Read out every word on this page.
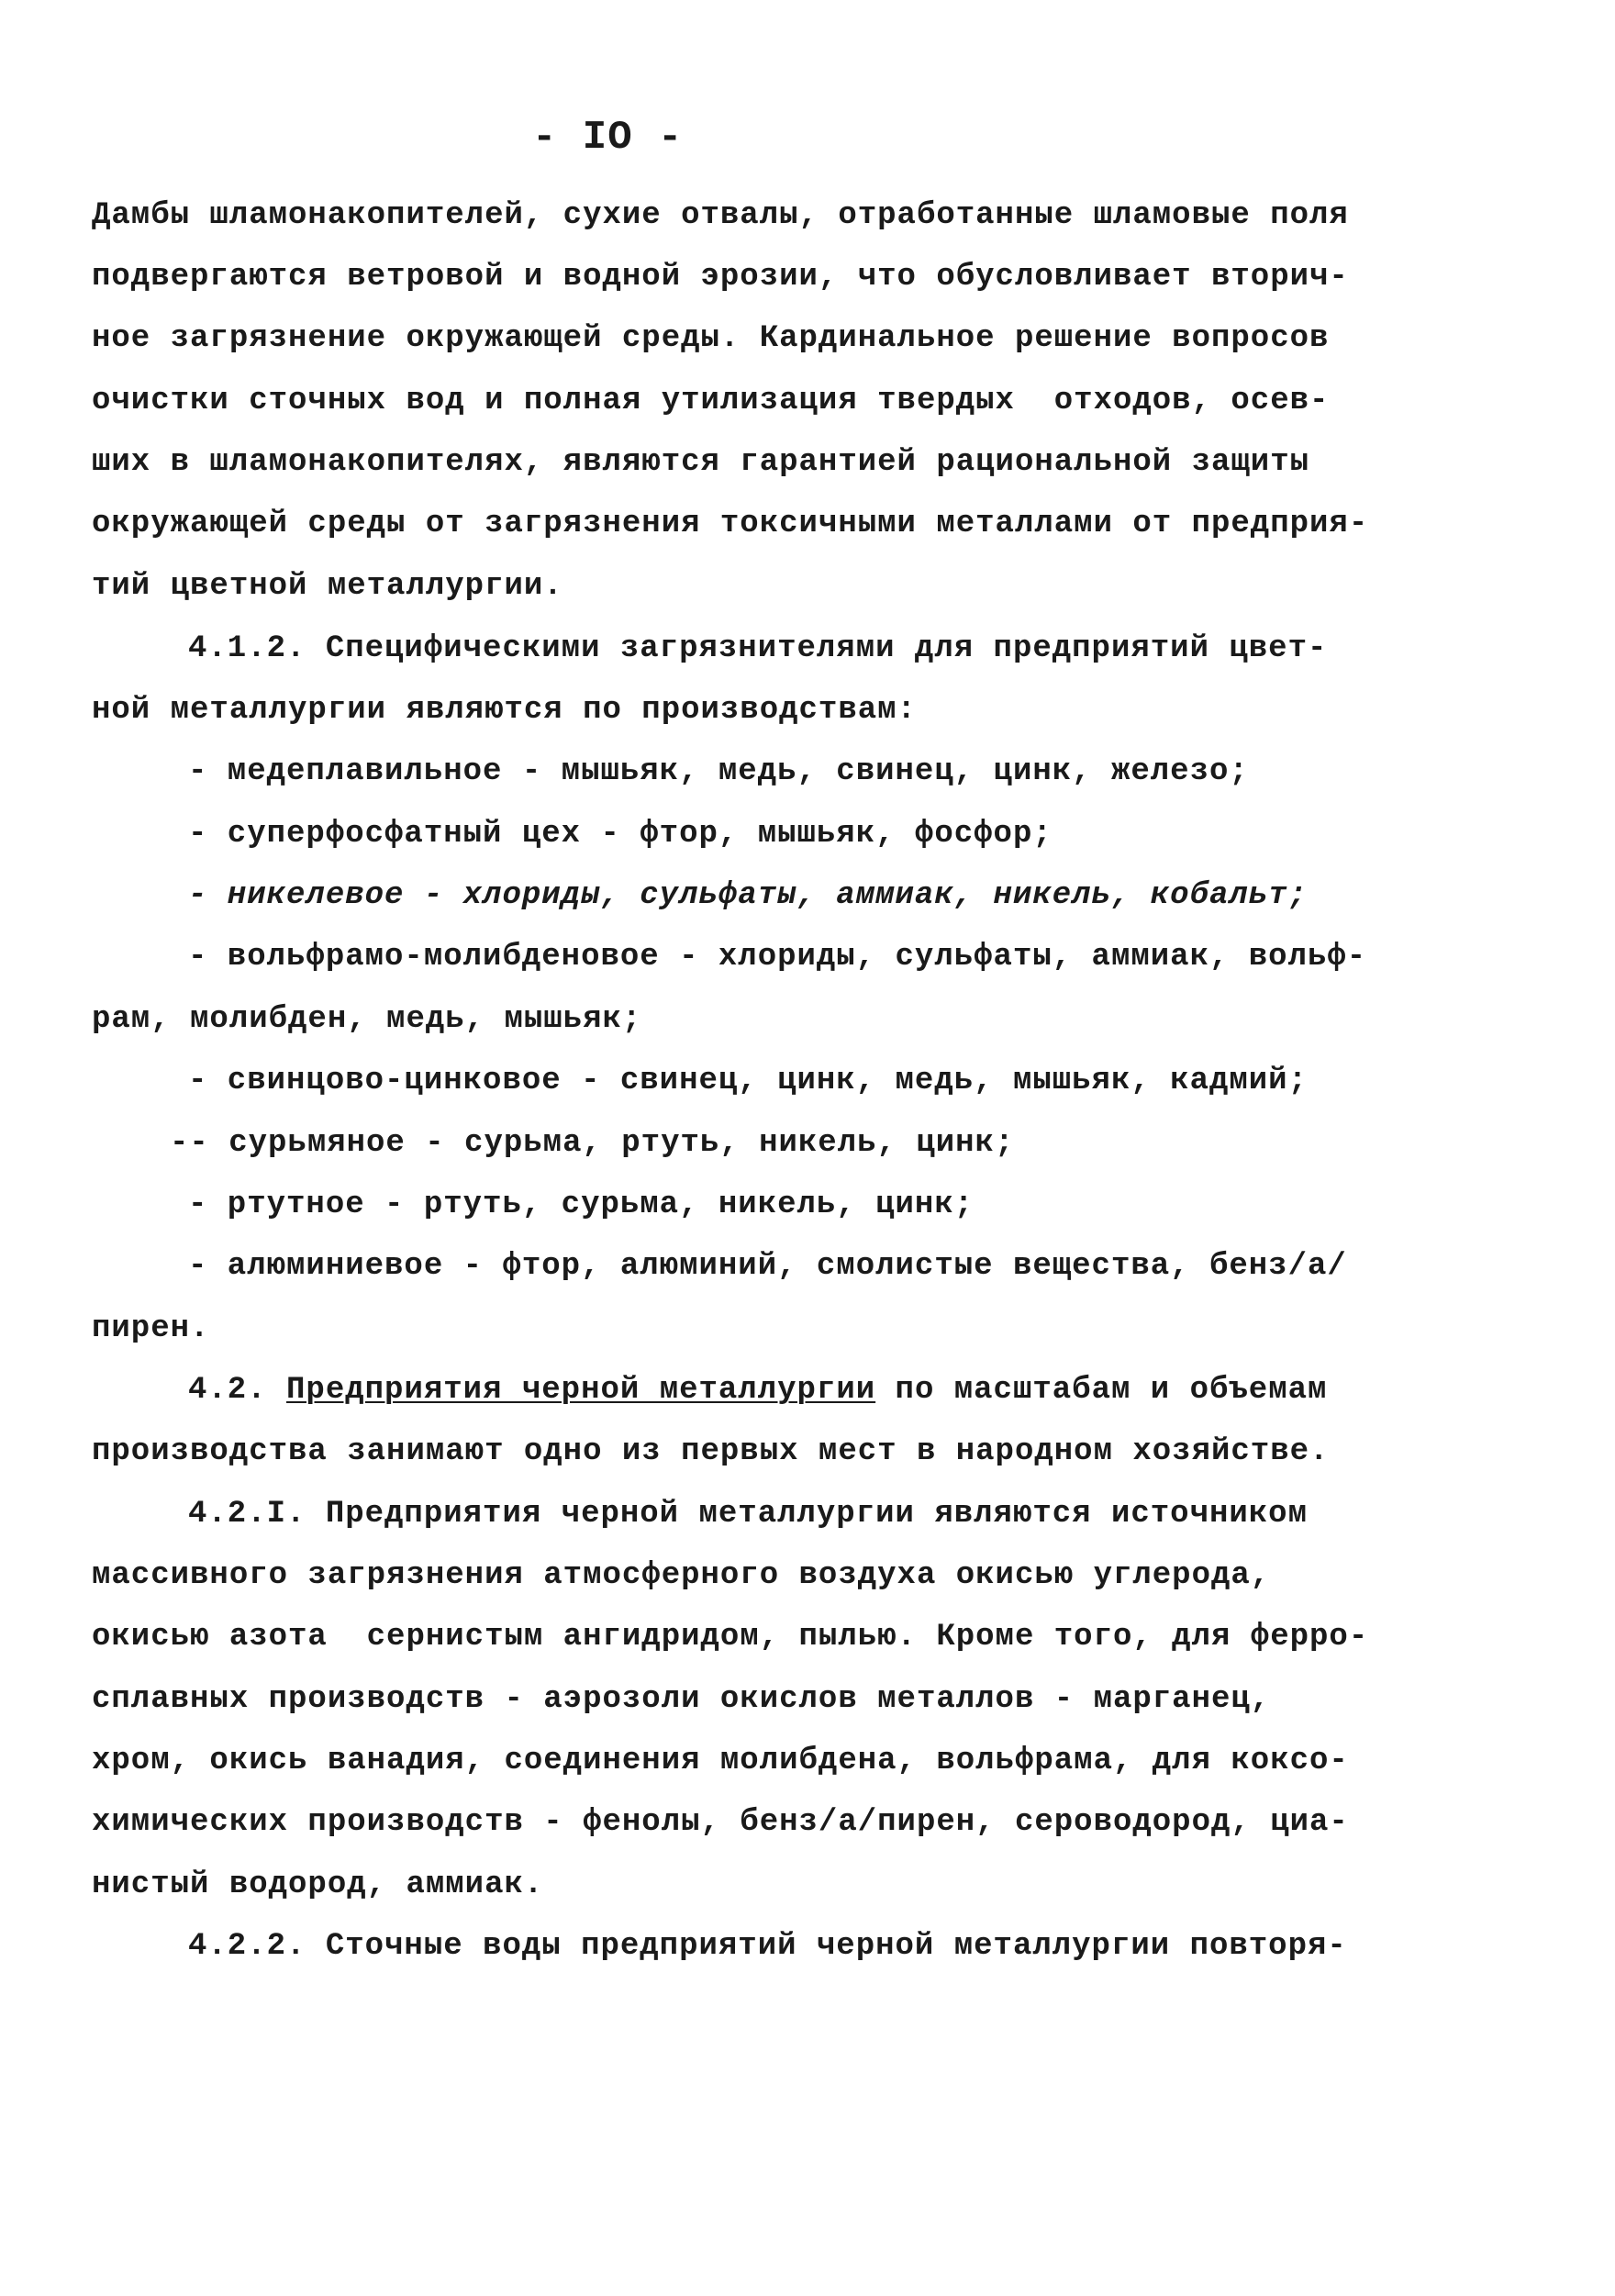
- IO -
Дамбы шламонакопителей, сухие отвалы, отработанные шламовые поля
подвергаются ветровой и водной эрозии, что обусловливает вторич-
ное загрязнение окружающей среды. Кардинальное решение вопросов
очистки сточных вод и полная утилизация твердых  отходов, осев-
ших в шламонакопителях, являются гарантией рациональной защиты
окружающей среды от загрязнения токсичными металлами от предприя-
тий цветной металлургии.
4.1.2. Специфическими загрязнителями для предприятий цвет-
ной металлургии являются по производствам:
- медеплавильное - мышьяк, медь, свинец, цинк, железо;
- суперфосфатный цех - фтор, мышьяк, фосфор;
- никелевое - хлориды, сульфаты, аммиак, никель, кобальт;
- вольфрамо-молибденовое - хлориды, сульфаты, аммиак, вольф-
рам, молибден, медь, мышьяк;
- свинцово-цинковое - свинец, цинк, медь, мышьяк, кадмий;
-- сурьмяное - сурьма, ртуть, никель, цинк;
- ртутное - ртуть, сурьма, никель, цинк;
- алюминиевое - фтор, алюминий, смолистые вещества, бенз/а/
пирен.
4.2. Предприятия черной металлургии по масштабам и объемам
производства занимают одно из первых мест в народном хозяйстве.
4.2.I. Предприятия черной металлургии являются источником
массивного загрязнения атмосферного воздуха окисью углерода,
окисью азота  сернистым ангидридом, пылью. Кроме того, для ферро-
сплавных производств - аэрозоли окислов металлов - марганец,
хром, окись ванадия, соединения молибдена, вольфрама, для коксо-
химических производств - фенолы, бенз/а/пирен, сероводород, циа-
нистый водород, аммиак.
4.2.2. Сточные воды предприятий черной металлургии повторя-
